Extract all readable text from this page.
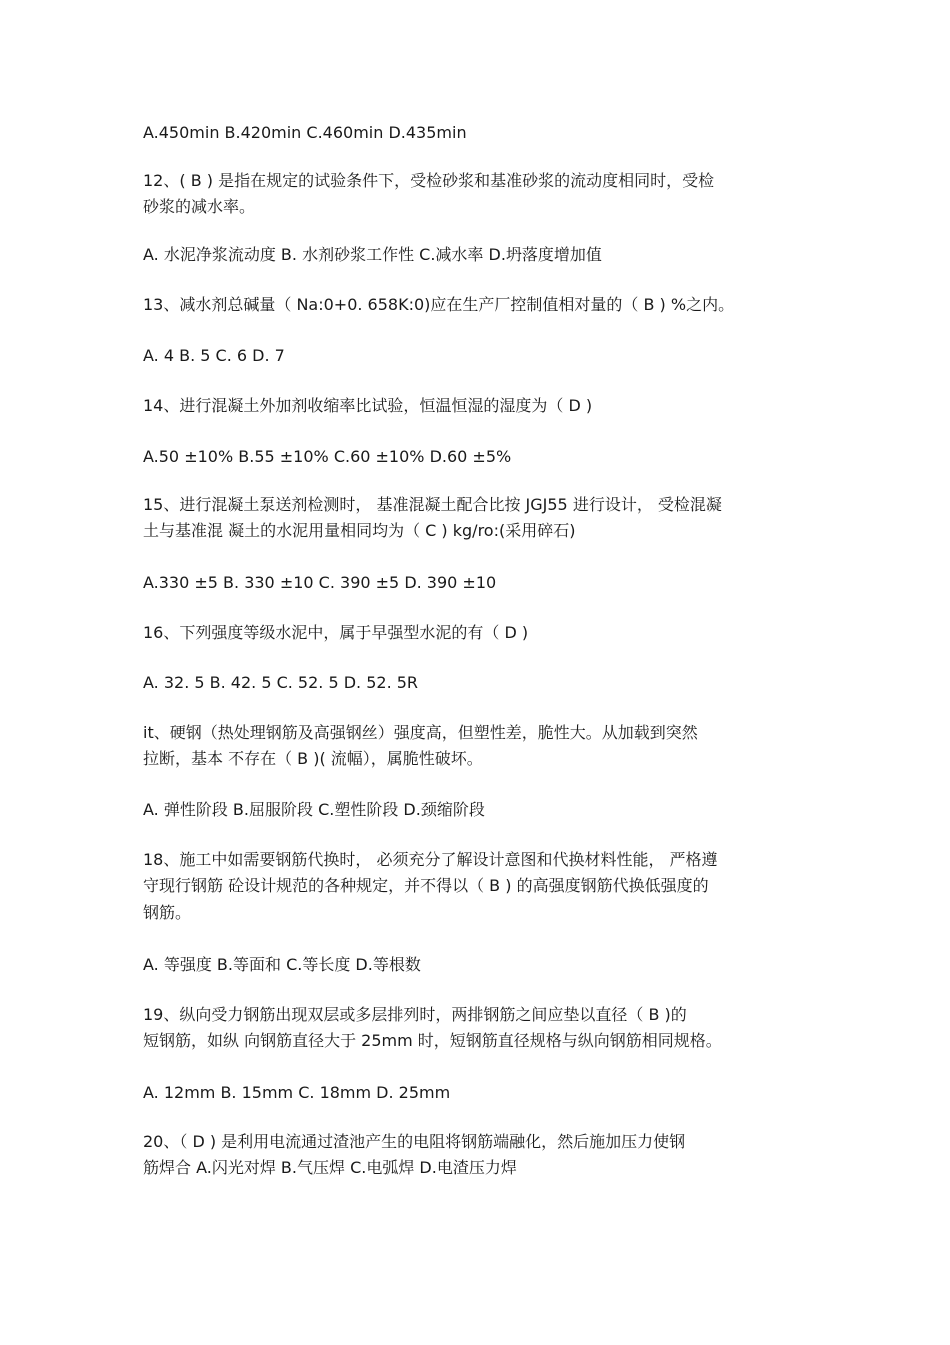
A.450min B.420min C.460min D.435min
12、( B ) 是指在规定的试验条件下，受检砂浆和基准砂浆的流动度相同时，受检
砂浆的减水率。
A. 水泥净浆流动度 B. 水剂砂浆工作性 C.减水率 D.坍落度增加值
13、减水剂总碱量（ Na:0+0. 658K:0)应在生产厂控制值相对量的（ B ) %之内。
A. 4 B. 5 C. 6 D. 7
14、进行混凝土外加剂收缩率比试验，恒温恒湿的湿度为（ D )
A.50 ±10% B.55 ±10% C.60 ±10% D.60 ±5%
15、进行混凝土泵送剂检测时， 基准混凝土配合比按 JGJ55 进行设计， 受检混凝
土与基准混 凝土的水泥用量相同均为（ C ) kg/ro:(采用碎石)
A.330 ±5 B. 330 ±10 C. 390 ±5 D. 390 ±10
16、下列强度等级水泥中，属于早强型水泥的有（ D )
A. 32. 5 B. 42. 5 C. 52. 5 D. 52. 5R
it、硬钢（热处理钢筋及高强钢丝）强度高，但塑性差，脆性大。从加载到突然
拉断，基本 不存在（ B )( 流幅），属脆性破坏。
A. 弹性阶段 B.屈服阶段 C.塑性阶段 D.颈缩阶段
18、施工中如需要钢筋代换时， 必须充分了解设计意图和代换材料性能， 严格遵
守现行钢筋 砼设计规范的各种规定，并不得以（ B ) 的高强度钢筋代换低强度的
钢筋。
A. 等强度 B.等面和 C.等长度 D.等根数
19、纵向受力钢筋出现双层或多层排列时，两排钢筋之间应垫以直径（ B )的
短钢筋，如纵 向钢筋直径大于 25mm 时，短钢筋直径规格与纵向钢筋相同规格。
A. 12mm B. 15mm C. 18mm D. 25mm
20、（ D ) 是利用电流通过渣池产生的电阻将钢筋端融化，然后施加压力使钢
筋焊合 A.闪光对焊 B.气压焊 C.电弧焊 D.电渣压力焊
